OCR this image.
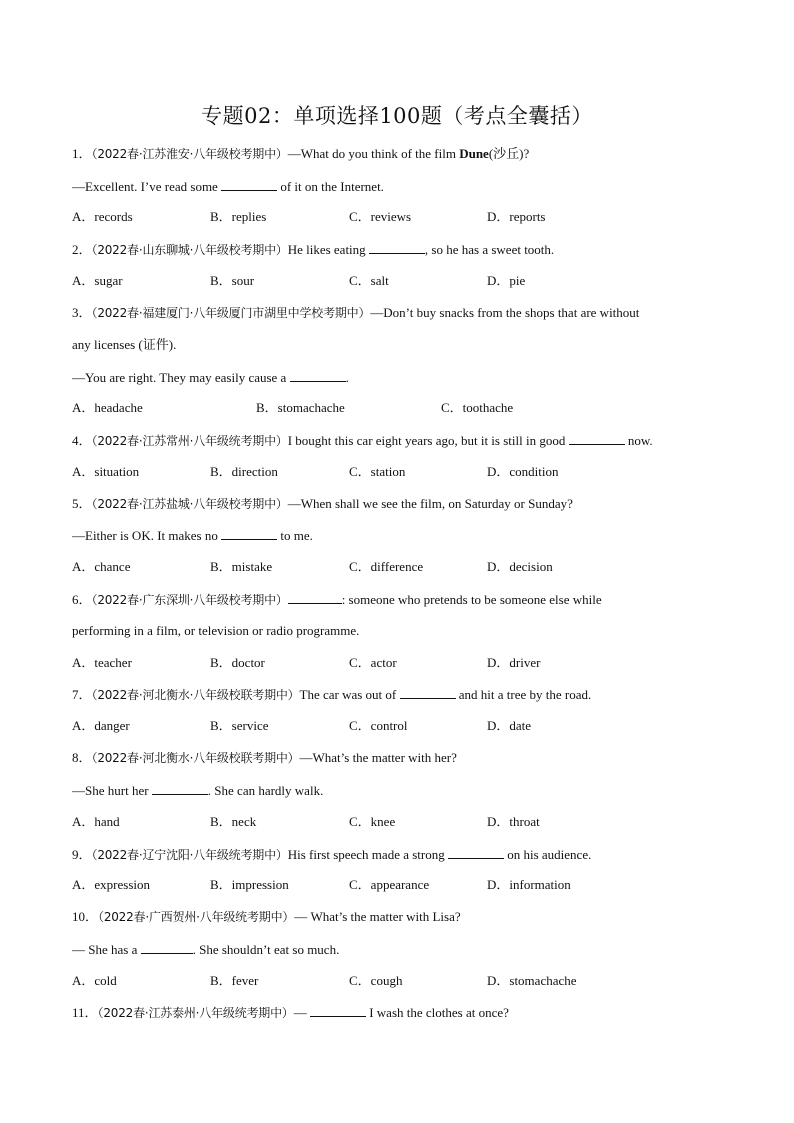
专题02：单项选择100题（考点全囊括）
1．（2022春·江苏淮安·八年级校考期中）—What do you think of the film Dune(沙丘)?
—Excellent. I’ve read some	of it on the Internet.
A．records	B．replies	C．reviews	D．reports
2．（2022春·山东聊城·八年级校考期中）He likes eating	, so he has a sweet tooth.
A．sugar	B．sour	C．salt	D．pie
3．（2022春·福建厦门·八年级厦门市湖里中学校考期中）—Don’t buy snacks from the shops that are without
any licenses (证件).
—You are right. They may easily cause a	.
A．headache	B．stomachache	C．toothache
4．（2022春·江苏常州·八年级统考期中）I bought this car eight years ago, but it is still in good	now.
A．situation	B．direction	C．station	D．condition
5．（2022春·江苏盐城·八年级校考期中）—When shall we see the film, on Saturday or Sunday?
—Either is OK. It makes no	to me.
A．chance	B．mistake	C．difference	D．decision
6．（2022春·广东深圳·八年级校考期中）	: someone who pretends to be someone else while
performing in a film, or television or radio programme.
A．teacher	B．doctor	C．actor	D．driver
7．（2022春·河北衡水·八年级校联考期中）The car was out of	and hit a tree by the road.
A．danger	B．service	C．control	D．date
8．（2022春·河北衡水·八年级校联考期中）—What’s the matter with her?
—She hurt her	. She can hardly walk.
A．hand	B．neck	C．knee	D．throat
9．（2022春·辽宁沈阳·八年级统考期中）His first speech made a strong	on his audience.
A．expression	B．impression	C．appearance	D．information
10．（2022春·广西贺州·八年级统考期中）— What’s the matter with Lisa?
— She has a	. She shouldn’t eat so much.
A．cold	B．fever	C．cough	D．stomachache
11．（2022春·江苏泰州·八年级统考期中）—	I wash the clothes at once?
